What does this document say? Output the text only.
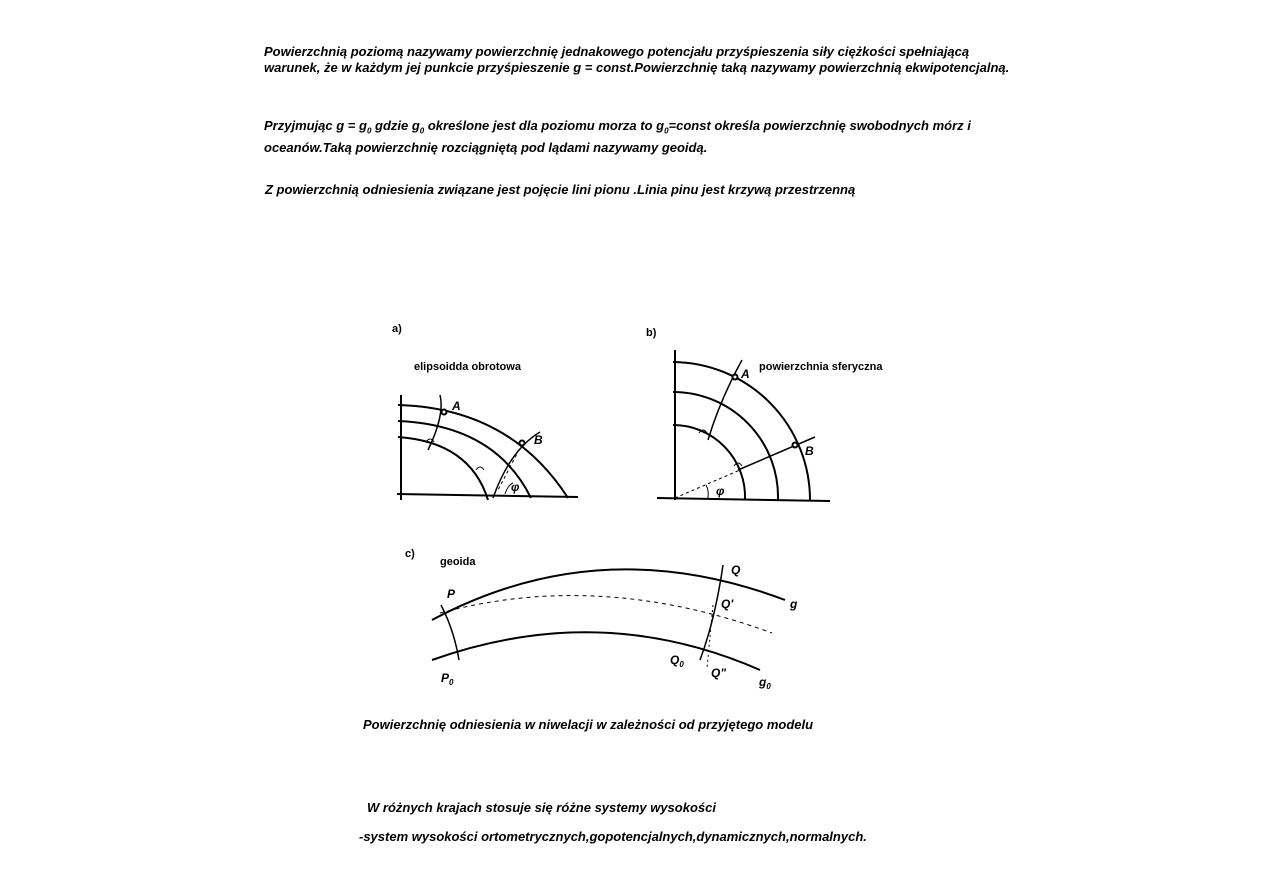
Powierzchnią poziomą nazywamy powierzchnię jednakowego potencjału przyśpieszenia siły ciężkości spełniającą warunek, że w każdym jej punkcie przyśpieszenie g = const.Powierzchnię taką nazywamy powierzchnią ekwipotencjalną.
Przyjmując $g = g_0$ gdzie $g_0$ określone jest dla poziomu morza to $g_0=const$ określa powierzchnię swobodnych mórz i oceanów.Taką powierzchnię rozciągniętą pod lądami nazywamy geoidą.
Z powierzchnią odniesienia związane jest pojęcie lini pionu .Linia pinu jest krzywą przestrzenną
a)
elipsoidda obrotowa
A
B
φ
b)
powierzchnia sferyczna
A
B
φ
c)
geoida
P
$P_0$
Q
Q'
$Q_0$
Q"
g
$g_0$
Powierzchnię odniesienia w niwelacji w zależności od przyjętego modelu
W różnych krajach stosuje się różne systemy wysokości
-system wysokości ortometrycznych,gopotencjalnych,dynamicznych,normalnych.
